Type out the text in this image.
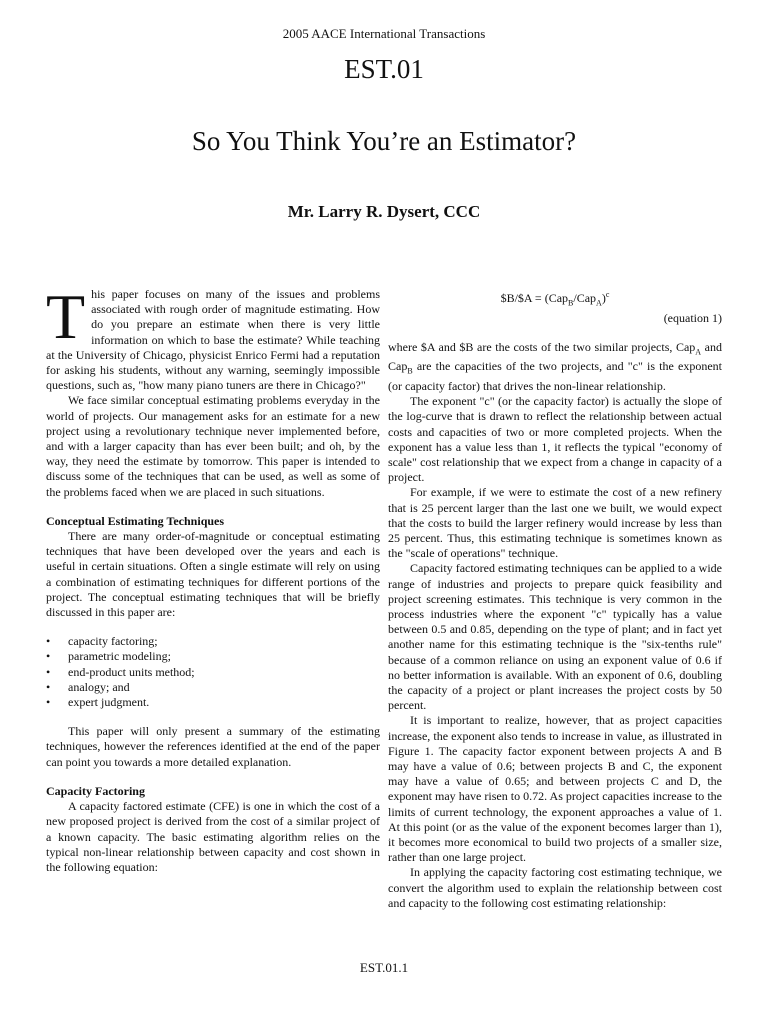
2005 AACE International Transactions
EST.01
So You Think You’re an Estimator?
Mr. Larry R. Dysert, CCC

This paper focuses on many of the issues and problems associated with rough order of magnitude estimating. How do you prepare an estimate when there is very little information on which to base the estimate? While teaching at the University of Chicago, physicist Enrico Fermi had a reputation for asking his students, without any warning, seemingly impossible questions, such as, "how many piano tuners are there in Chicago?"

We face similar conceptual estimating problems everyday in the world of projects. Our management asks for an estimate for a new project using a revolutionary technique never implemented before, and with a larger capacity than has ever been built; and oh, by the way, they need the estimate by tomorrow. This paper is intended to discuss some of the techniques that can be used, as well as some of the problems faced when we are placed in such situations.

Conceptual Estimating Techniques

There are many order-of-magnitude or conceptual estimating techniques that have been developed over the years and each is useful in certain situations. Often a single estimate will rely on using a combination of estimating techniques for different portions of the project. The conceptual estimating techniques that will be briefly discussed in this paper are:

• capacity factoring;
• parametric modeling;
• end-product units method;
• analogy; and
• expert judgment.

This paper will only present a summary of the estimating techniques, however the references identified at the end of the paper can point you towards a more detailed explanation.

Capacity Factoring

A capacity factored estimate (CFE) is one in which the cost of a new proposed project is derived from the cost of a similar project of a known capacity. The basic estimating algorithm relies on the typical non-linear relationship between capacity and cost shown in the following equation:

$B/$A = $(Cap_B/Cap_A)^c$

(equation 1)

where $A and $B are the costs of the two similar projects, Cap$_A$ and Cap$_B$ are the capacities of the two projects, and "c" is the exponent (or capacity factor) that drives the non-linear relationship.

The exponent "c" (or the capacity factor) is actually the slope of the log-curve that is drawn to reflect the relationship between actual costs and capacities of two or more completed projects. When the exponent has a value less than 1, it reflects the typical "economy of scale" cost relationship that we expect from a change in capacity of a project.

For example, if we were to estimate the cost of a new refinery that is 25 percent larger than the last one we built, we would expect that the costs to build the larger refinery would increase by less than 25 percent. Thus, this estimating technique is sometimes known as the "scale of operations" technique.

Capacity factored estimating techniques can be applied to a wide range of industries and projects to prepare quick feasibility and project screening estimates. This technique is very common in the process industries where the exponent "c" typically has a value between 0.5 and 0.85, depending on the type of plant; and in fact yet another name for this estimating technique is the "six-tenths rule" because of a common reliance on using an exponent value of 0.6 if no better information is available. With an exponent of 0.6, doubling the capacity of a project or plant increases the project costs by 50 percent.

It is important to realize, however, that as project capacities increase, the exponent also tends to increase in value, as illustrated in Figure 1. The capacity factor exponent between projects A and B may have a value of 0.6; between projects B and C, the exponent may have a value of 0.65; and between projects C and D, the exponent may have risen to 0.72. As project capacities increase to the limits of current technology, the exponent approaches a value of 1. At this point (or as the value of the exponent becomes larger than 1), it becomes more economical to build two projects of a smaller size, rather than one large project.

In applying the capacity factoring cost estimating technique, we convert the algorithm used to explain the relationship between cost and capacity to the following cost estimating relationship:

EST.01.1
